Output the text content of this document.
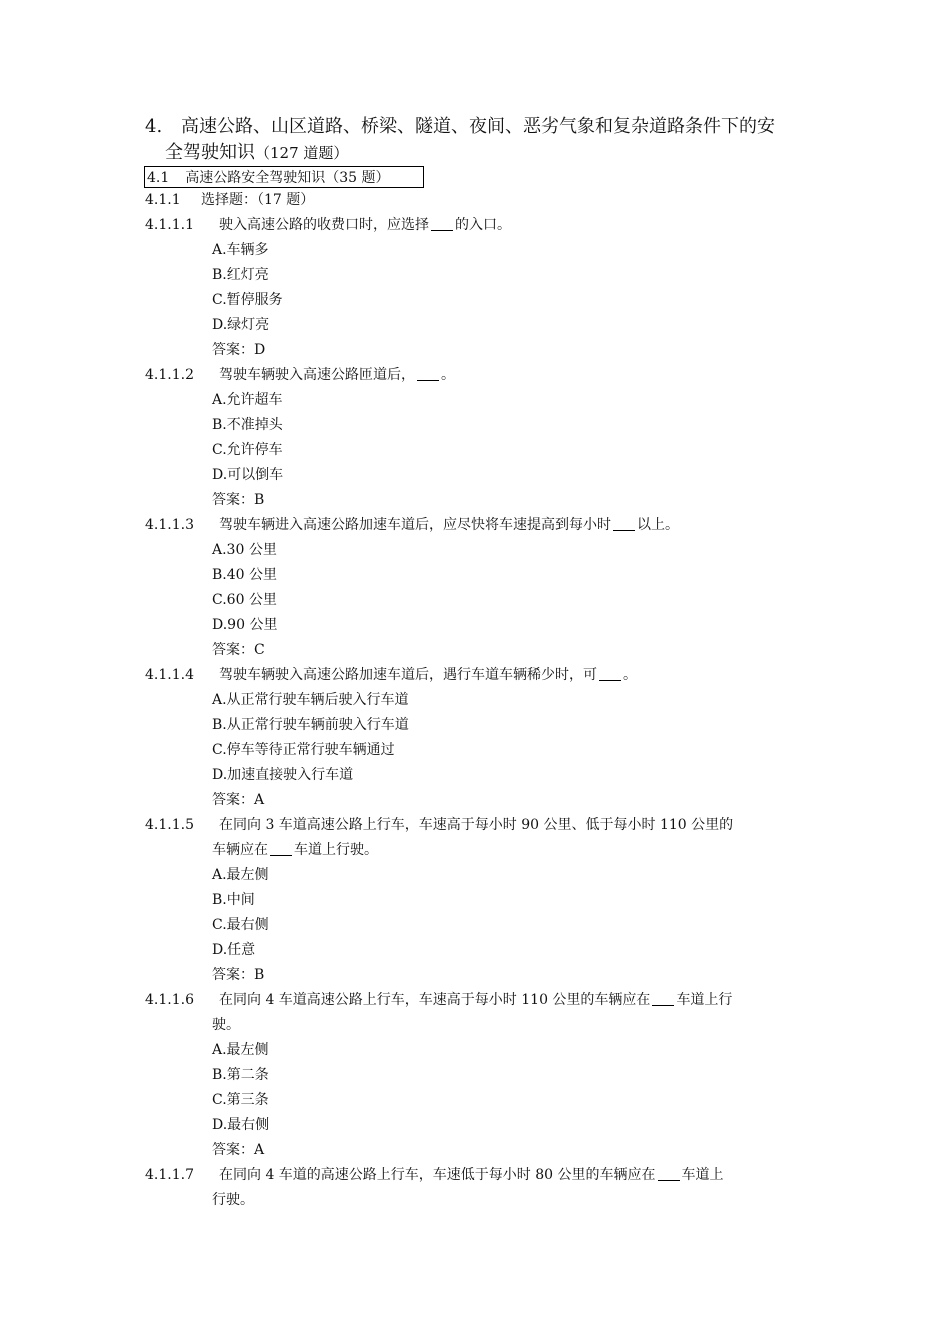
4. 高速公路、山区道路、桥梁、隧道、夜间、恶劣气象和复杂道路条件下的安
全驾驶知识（127 道题）
4.1 高速公路安全驾驶知识（35 题）
4.1.1 选择题：（17 题）
4.1.1.1 驶入高速公路的收费口时，应选择 的入口。
A.车辆多
B.红灯亮
C.暂停服务
D.绿灯亮
答案：D
4.1.1.2 驾驶车辆驶入高速公路匝道后， 。
A.允许超车
B.不准掉头
C.允许停车
D.可以倒车
答案：B
4.1.1.3 驾驶车辆进入高速公路加速车道后，应尽快将车速提高到每小时 以上。
A.30 公里
B.40 公里
C.60 公里
D.90 公里
答案：C
4.1.1.4 驾驶车辆驶入高速公路加速车道后，遇行车道车辆稀少时，可 。
A.从正常行驶车辆后驶入行车道
B.从正常行驶车辆前驶入行车道
C.停车等待正常行驶车辆通过
D.加速直接驶入行车道
答案：A
4.1.1.5 在同向 3 车道高速公路上行车，车速高于每小时 90 公里、低于每小时 110 公里的
车辆应在 车道上行驶。
A.最左侧
B.中间
C.最右侧
D.任意
答案：B
4.1.1.6 在同向 4 车道高速公路上行车，车速高于每小时 110 公里的车辆应在 车道上行
驶。
A.最左侧
B.第二条
C.第三条
D.最右侧
答案：A
4.1.1.7 在同向 4 车道的高速公路上行车，车速低于每小时 80 公里的车辆应在 车道上
行驶。
